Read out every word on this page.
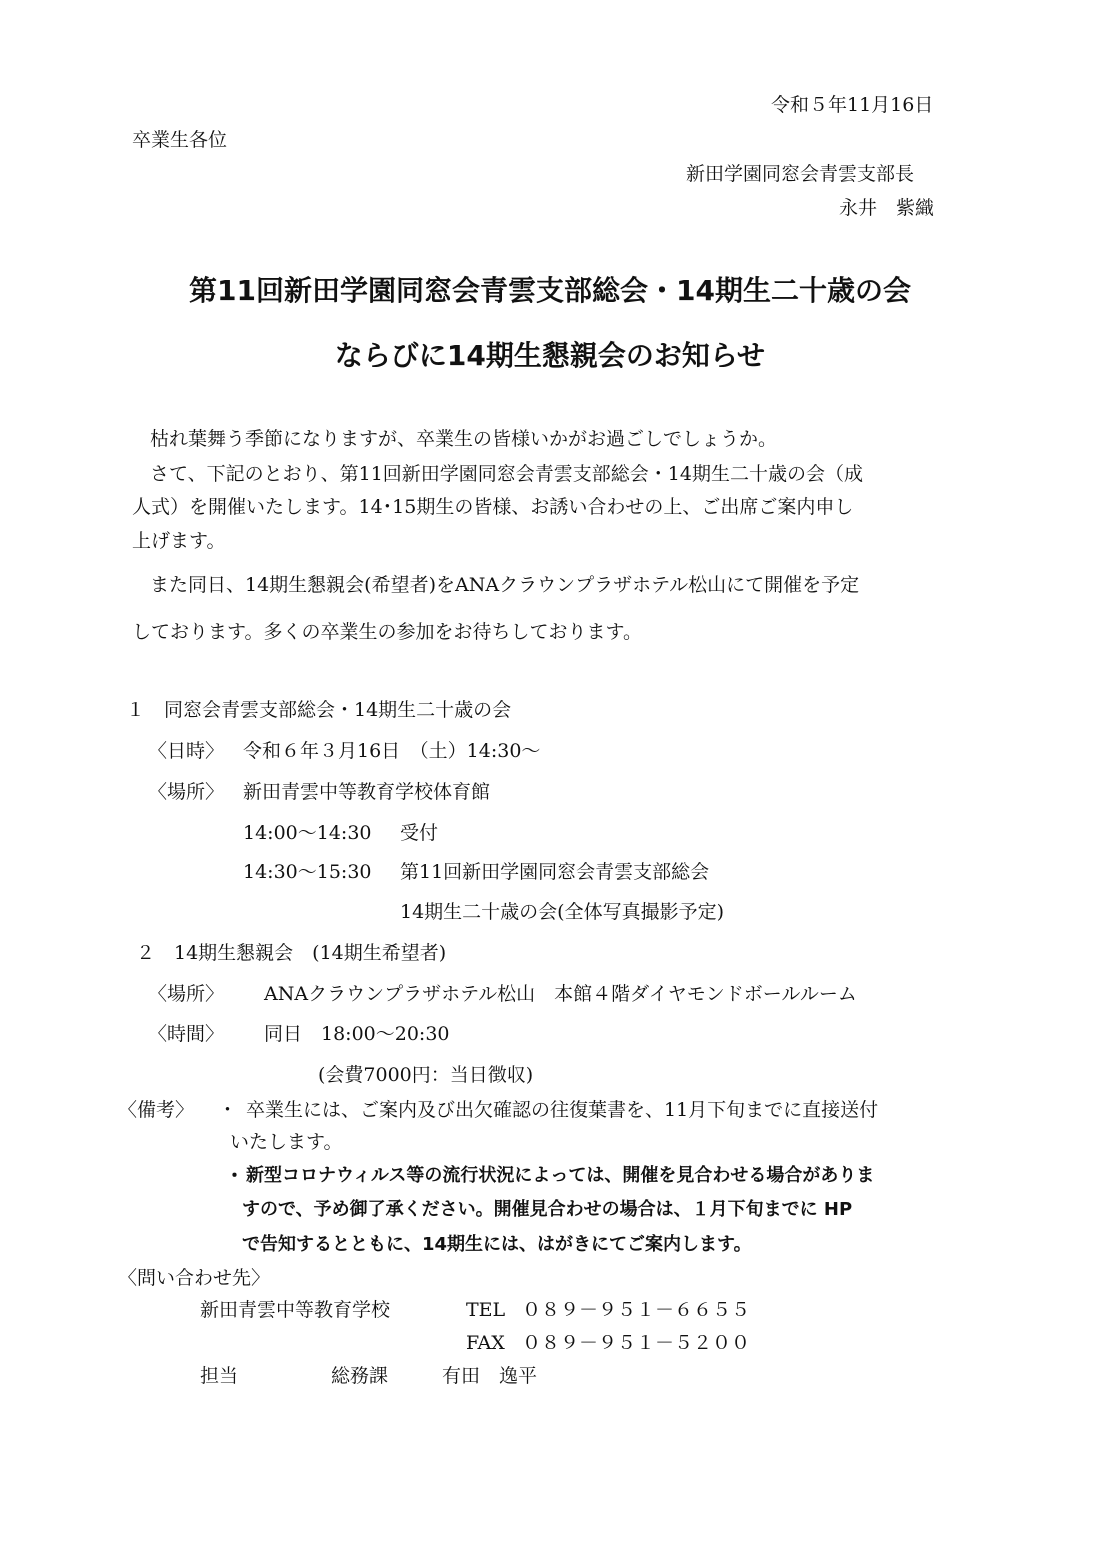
令和５年11月16日
卒業生各位
新田学園同窓会青雲支部長
永井　紫織
第11回新田学園同窓会青雲支部総会・14期生二十歳の会
ならびに14期生懇親会のお知らせ
枯れ葉舞う季節になりますが、卒業生の皆様いかがお過ごしでしょうか。
さて、下記のとおり、第11回新田学園同窓会青雲支部総会・14期生二十歳の会（成
人式）を開催いたします。14･15期生の皆様、お誘い合わせの上、ご出席ご案内申し
上げます。
また同日、14期生懇親会(希望者)をANAクラウンプラザホテル松山にて開催を予定
しております。多くの卒業生の参加をお待ちしております。
１　同窓会青雲支部総会・14期生二十歳の会
〈日時〉 令和６年３月16日　（土）14:30～
〈場所〉 新田青雲中等教育学校体育館
14:00～14:30 受付
14:30～15:30 第11回新田学園同窓会青雲支部総会
14期生二十歳の会(全体写真撮影予定)
２　14期生懇親会　(14期生希望者)
〈場所〉 ANAクラウンプラザホテル松山　本館４階ダイヤモンドボールルーム
〈時間〉 同日　18:00～20:30
(会費7000円：当日徴収)
〈備考〉 ・ 卒業生には、ご案内及び出欠確認の往復葉書を、11月下旬までに直接送付
いたします。
・ 新型コロナウィルス等の流行状況によっては、開催を見合わせる場合がありま
すので、予め御了承ください。開催見合わせの場合は、１月下旬までに HP
で告知するとともに、14期生には、はがきにてご案内します。
〈問い合わせ先〉
新田青雲中等教育学校	TEL ０８９－９５１－６６５５
FAX ０８９－９５１－５２００
担当	総務課	有田　逸平
